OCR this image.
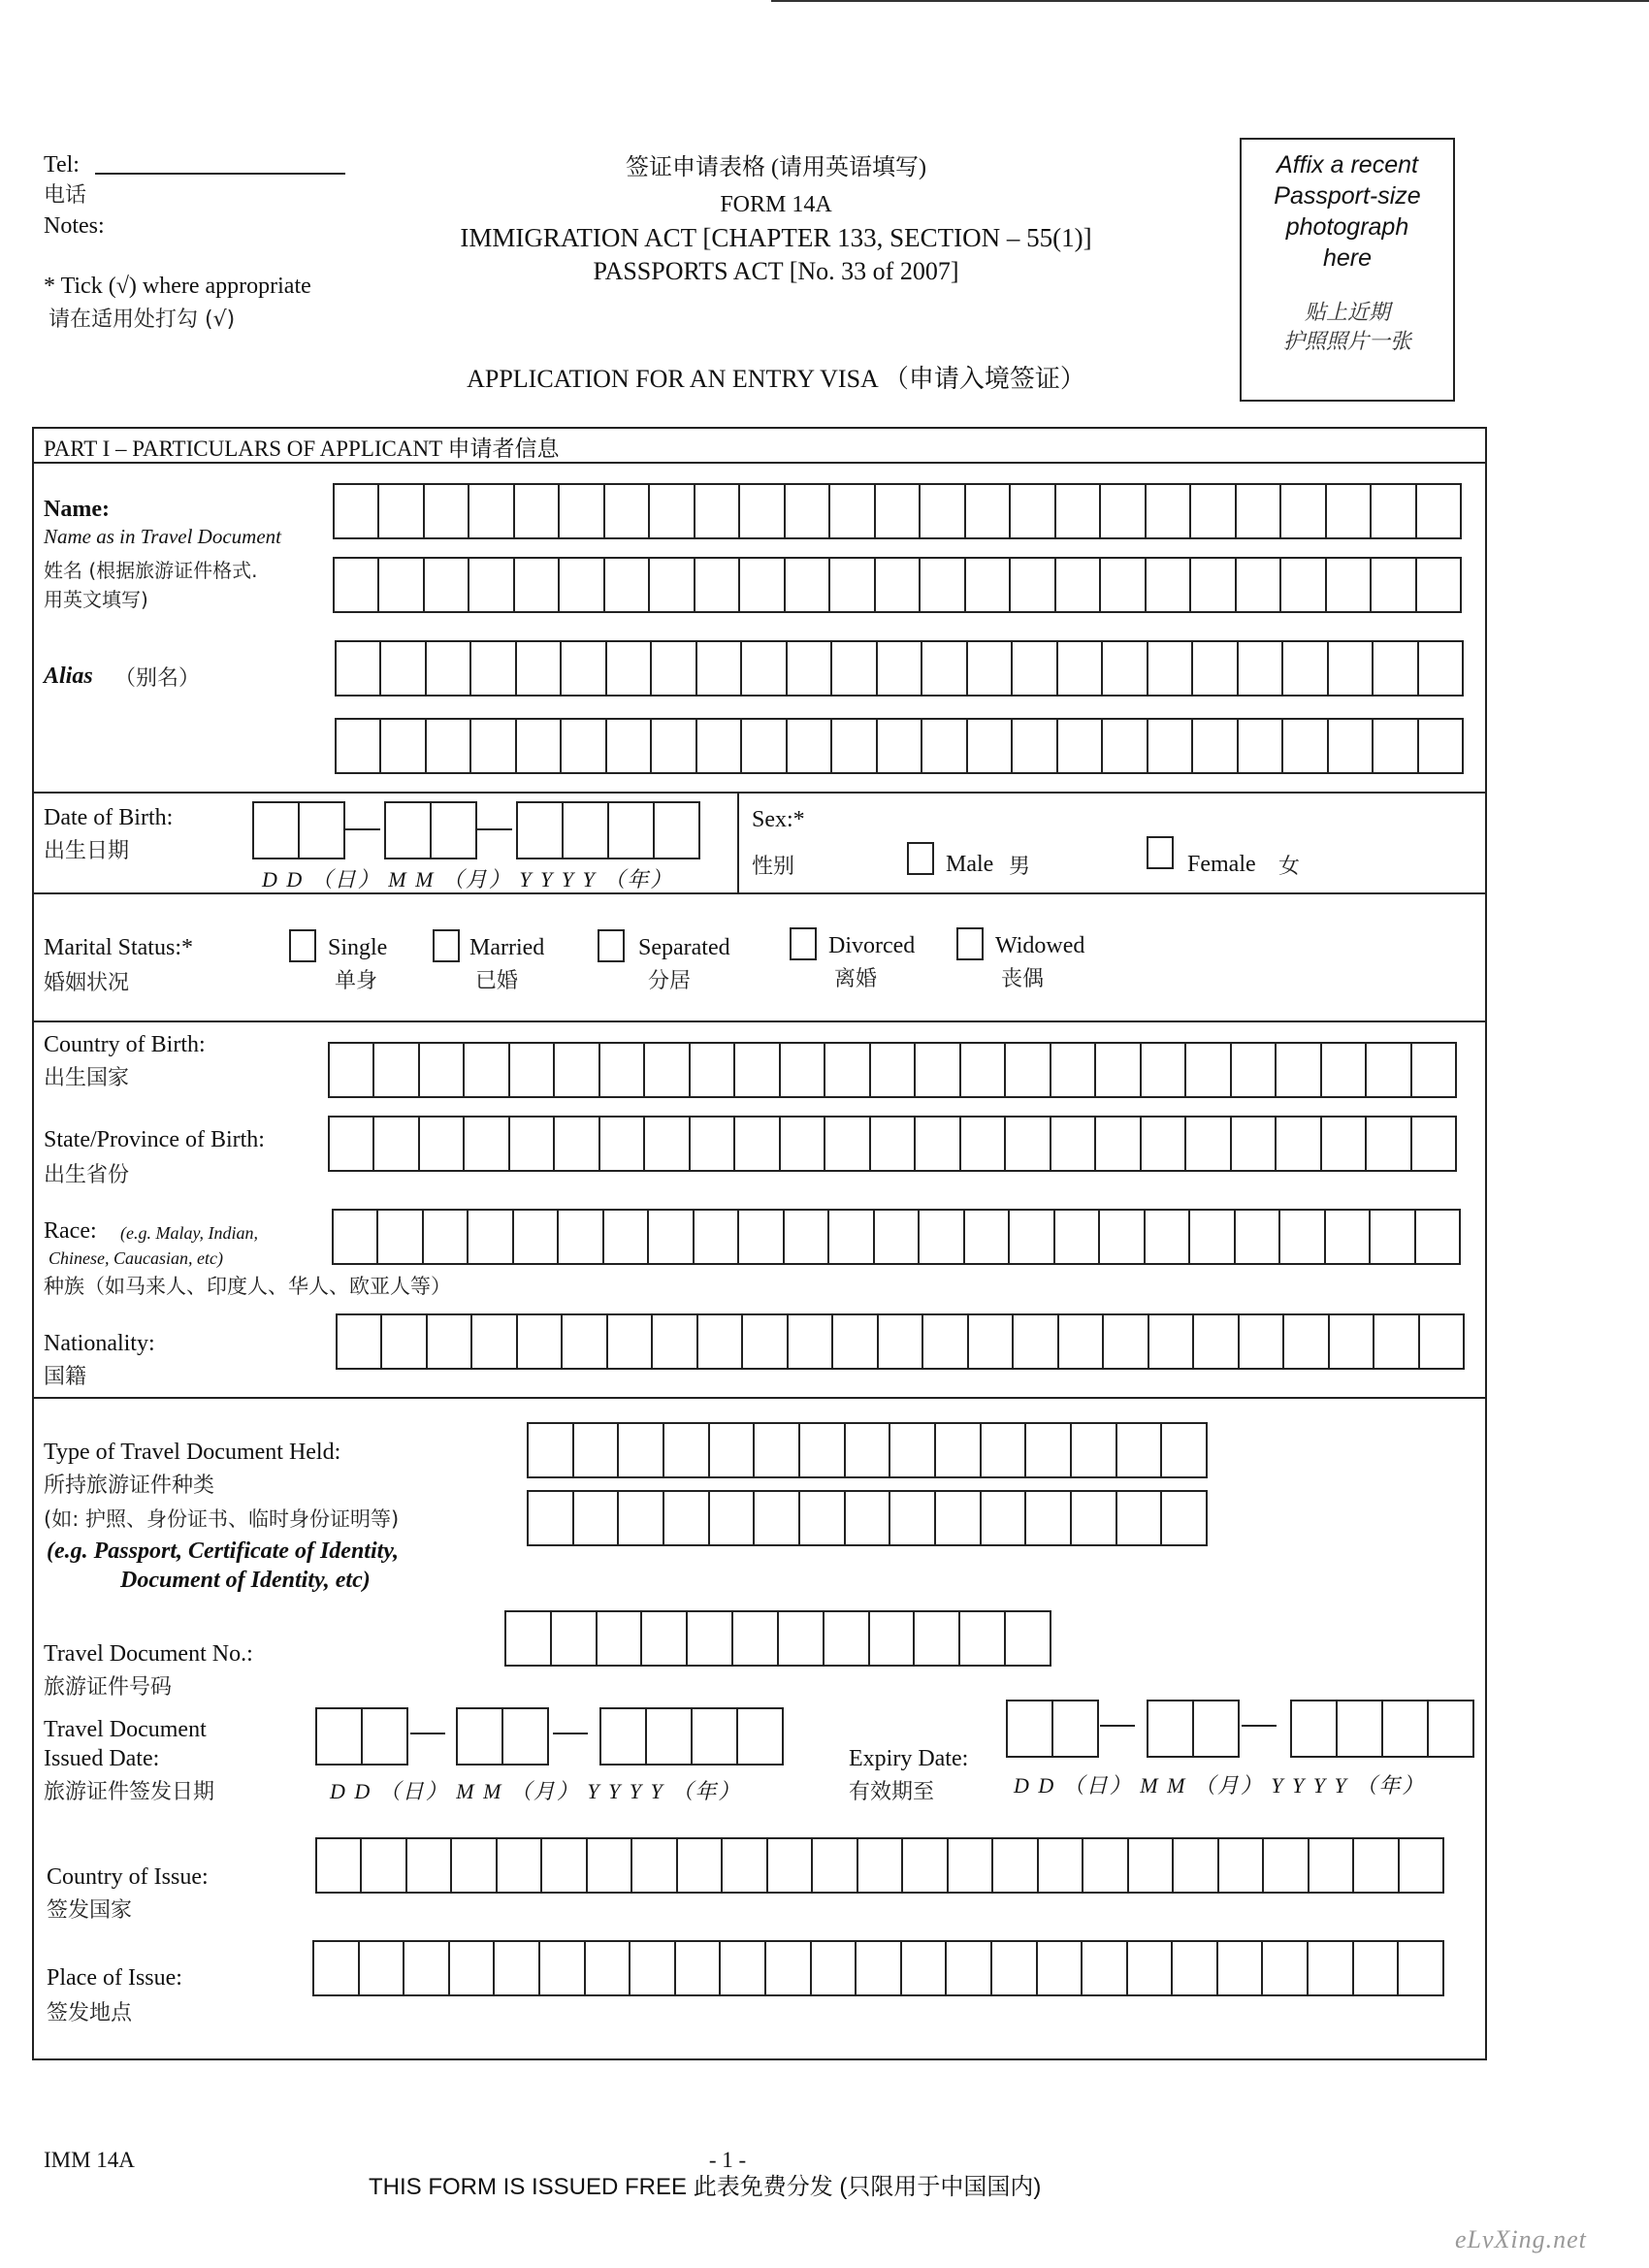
Tel:
电话
Notes:
* Tick (√) where appropriate
请在适用处打勾 (√)
签证申请表格 (请用英语填写)
FORM 14A
IMMIGRATION ACT [CHAPTER 133, SECTION – 55(1)]
PASSPORTS ACT [No. 33 of 2007]
APPLICATION FOR AN ENTRY VISA （申请入境签证）
Affix a recent
Passport-size
photograph
here
贴上近期
护照照片一张
PART I – PARTICULARS OF APPLICANT 申请者信息
Name:
Name as in Travel Document
姓名 (根据旅游证件格式.
用英文填写)
Alias （别名）
Date of Birth:
出生日期
D D （日） M M （月） Y Y Y Y （年）
Sex:*
性别	Male 男	Female 女
Marital Status:*
婚姻状况
Single
单身
Married
已婚
Separated
分居
Divorced
离婚
Widowed
丧偶
Country of Birth:
出生国家
State/Province of Birth:
出生省份
Race: (e.g. Malay, Indian,
Chinese, Caucasian, etc)
种族（如马来人、印度人、华人、欧亚人等）
Nationality:
国籍
Type of Travel Document Held:
所持旅游证件种类
(如: 护照、身份证书、临时身份证明等)
(e.g. Passport, Certificate of Identity,
Document of Identity, etc)
Travel Document No.:
旅游证件号码
Travel Document
Issued Date:
旅游证件签发日期	D D （日） M M （月） Y Y Y Y （年）
Expiry Date:
有效期至	D D （日） M M （月） Y Y Y Y （年）
Country of Issue:
签发国家
Place of Issue:
签发地点
IMM 14A	- 1 -
THIS FORM IS ISSUED FREE 此表免费分发 (只限用于中国国内)
eLvXing.net
